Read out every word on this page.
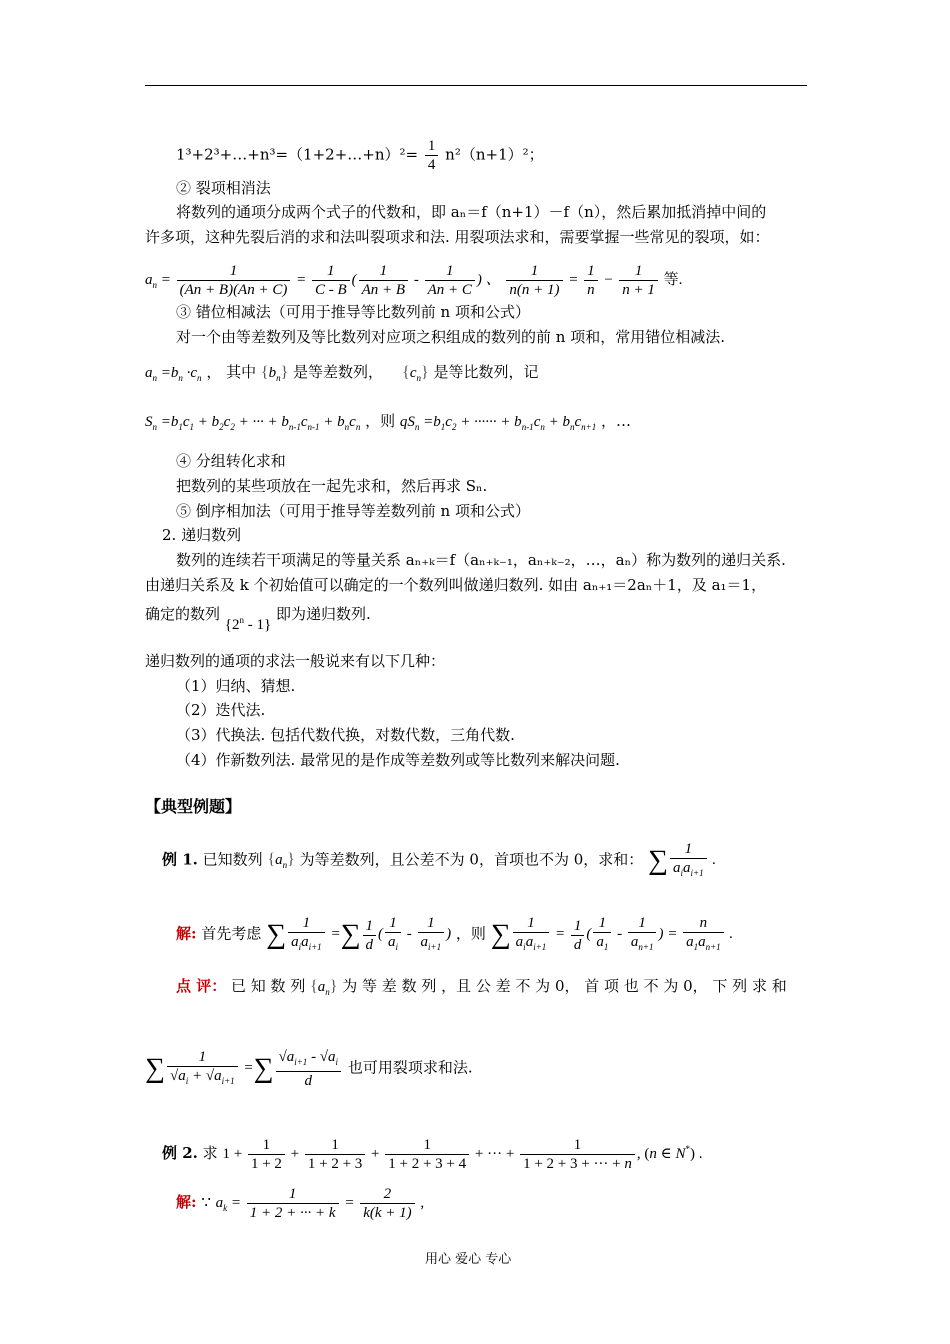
1³+2³+…+n³=（1+2+…+n）²= $\frac{1}{4} n^2(n+1)^2$；
② 裂项相消法
将数列的通项分成两个式子的代数和，即 aₙ＝f（n+1）－f（n），然后累加抵消掉中间的
许多项，这种先裂后消的求和法叫裂项求和法. 用裂项法求和，需要掌握一些常见的裂项，如：
$a_n = \frac{1}{(An + B)(An + C)} = \frac{1}{C - B}$ ( $\frac{1}{An + B} - \frac{1}{An + C}$ ) 、 $\frac{1}{n(n + 1)} = \frac{1}{n} - \frac{1}{n + 1}$ 等.
③ 错位相减法（可用于推导等比数列前 n 项和公式）
对一个由等差数列及等比数列对应项之积组成的数列的前 n 项和，常用错位相减法.
$a_n =b_n \cdot c_n$ ， 其中 $\{b_n\}$ 是等差数列， $\{c_n\}$ 是等比数列，记
$S_n =b_1c_1 + b_2c_2$ + ··· + $b_{n-1}c_{n-1} + b_nc_n$ ，则 $qS_n =b_1c_2$ + ······ + $b_{n-1}c_n + b_nc_{n+1}$ ，…
④ 分组转化求和
把数列的某些项放在一起先求和，然后再求 Sₙ.
⑤ 倒序相加法（可用于推导等差数列前 n 项和公式）
2. 递归数列
数列的连续若干项满足的等量关系 aₙ₊ₖ＝f（aₙ₊ₖ₋₁，aₙ₊ₖ₋₂，…，aₙ）称为数列的递归关系.
由递归关系及 k 个初始值可以确定的一个数列叫做递归数列. 如由 aₙ₊₁＝2aₙ＋1，及 a₁＝1，
确定的数列 {2$^n$ - 1} 即为递归数列.
递归数列的通项的求法一般说来有以下几种：
（1）归纳、猜想.
（2）迭代法.
（3）代换法. 包括代数代换，对数代数，三角代数.
（4）作新数列法. 最常见的是作成等差数列或等比数列来解决问题.
【典型例题】
例 1. 已知数列 $\{a_n\}$ 为等差数列，且公差不为 0，首项也不为 0，求和： ∑	1
$a_ia_{i+1}$
.
解: 首先考虑 ∑	1
$a_ia_{i+1}$
=∑ $\frac{1}{d}$ ( $\frac{1}{a_i} - \frac{1}{a_{i+1}}$ ) ，则 ∑	1
$a_ia_{i+1}$
= $\frac{1}{d}$ ( $\frac{1}{a_1} - \frac{1}{a_{n+1}}$ ) = $\frac{n}{a_1a_{n+1}}$ .
点 评： 已 知 数 列 $\{a_n\}$ 为 等 差 数 列 ，且 公 差 不 为 0， 首 项 也 不 为 0， 下 列 求 和
∑ $\frac{1}{√a_i + √a_{i+1}}$ =∑ $\frac{√a_{i+1} - √a_i}{d}$ 也可用裂项求和法.
例 2. 求 $1 + \frac{1}{1 + 2} + \frac{1}{1 + 2 + 3} + \frac{1}{1 + 2 + 3 + 4}$ + ··· + $\frac{1}{1 + 2 + 3 + \cdot\cdot\cdot + n}$ , (n ∈ N*) .
解: ∵ $a_k = \frac{1}{1 + 2 + \cdot\cdot\cdot + k} = \frac{2}{k(k + 1)}$ ,
用心 爱心 专心
